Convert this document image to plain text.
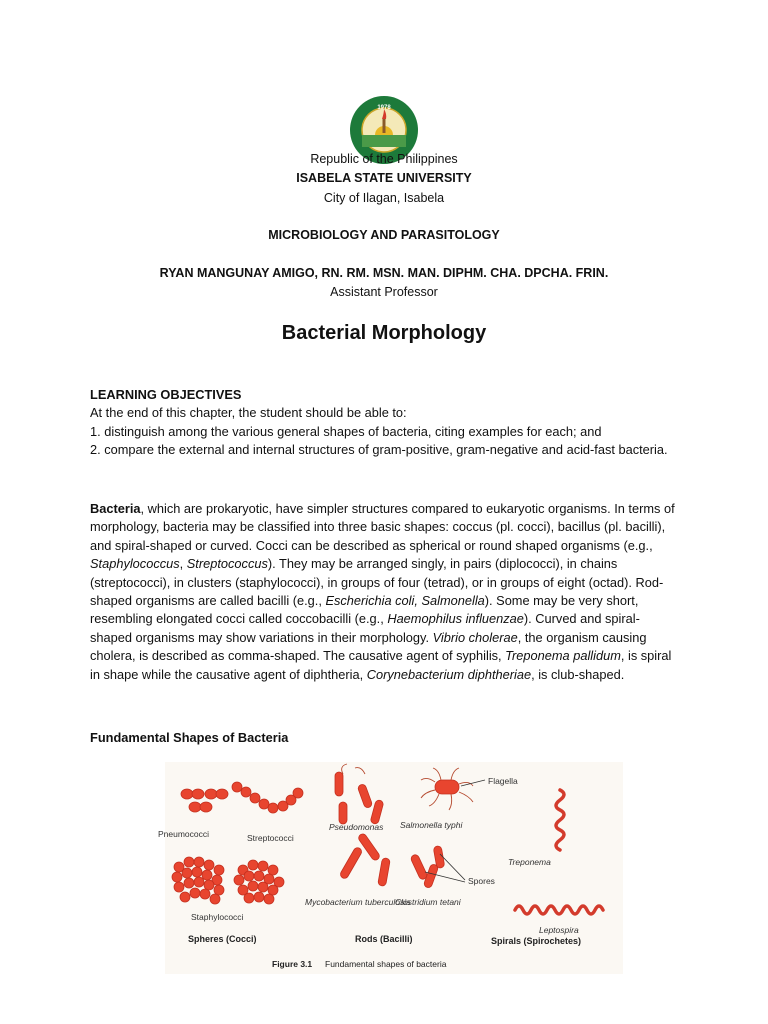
1978
Republic of the Philippines
ISABELA STATE UNIVERSITY
City of Ilagan, Isabela
MICROBIOLOGY AND PARASITOLOGY
RYAN MANGUNAY AMIGO, RN. RM. MSN. MAN. DIPHM. CHA. DPCHA. FRIN.
Assistant Professor
Bacterial Morphology

LEARNING OBJECTIVES

At the end of this chapter, the student should be able to:

1. distinguish among the various general shapes of bacteria, citing examples for each; and

2. compare the external and internal structures of gram-positive, gram-negative and acid-fast bacteria.

Bacteria, which are prokaryotic, have simpler structures compared to eukaryotic organisms. In terms of morphology, bacteria may be classified into three basic shapes: coccus (pl. cocci), bacillus (pl. bacilli), and spiral-shaped or curved. Cocci can be described as spherical or round shaped organisms (e.g., Staphylococcus, Streptococcus). They may be arranged singly, in pairs (diplococci), in chains (streptococci), in clusters (staphylococci), in groups of four (tetrad), or in groups of eight (octad). Rod-shaped organisms are called bacilli (e.g., Escherichia coli, Salmonella). Some may be very short, resembling elongated cocci called coccobacilli (e.g., Haemophilus influenzae). Curved and spiral-shaped organisms may show variations in their morphology. Vibrio cholerae, the organism causing cholera, is described as comma-shaped. The causative agent of syphilis, Treponema pallidum, is spiral in shape while the causative agent of diphtheria, Corynebacterium diphtheriae, is club-shaped.

Fundamental Shapes of Bacteria
Pneumococci	Streptococci
Staphylococci
Pseudomonas Salmonella typhi
Flagella
Treponema
Spores
Mycobacterium tuberculosis
Clostridium tetani
Leptospira
Spheres (Cocci)	Rods (Bacilli)	Spirals (Spirochetes)
Figure 3.1 Fundamental shapes of bacteria
